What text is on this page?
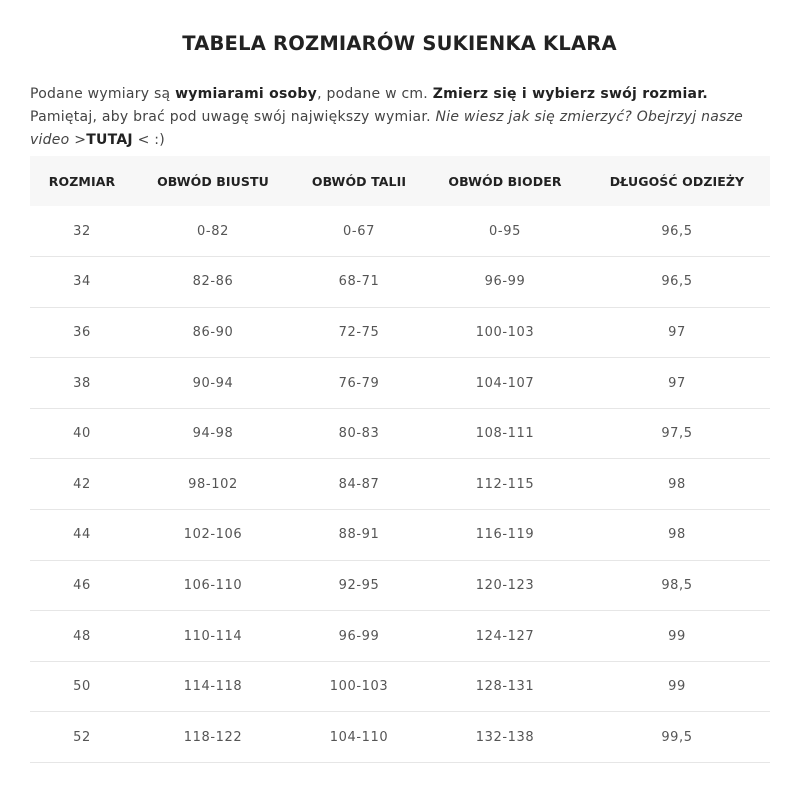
TABELA ROZMIARÓW SUKIENKA KLARA

Podane wymiary są wymiarami osoby, podane w cm. Zmierz się i wybierz swój rozmiar. Pamiętaj, aby brać pod uwagę swój największy wymiar. Nie wiesz jak się zmierzyć? Obejrzyj nasze video >TUTAJ < :)

ROZMIAR	OBWÓD BIUSTU	OBWÓD TALII	OBWÓD BIODER	DŁUGOŚĆ ODZIEŻY
32	0-82	0-67	0-95	96,5
34	82-86	68-71	96-99	96,5
36	86-90	72-75	100-103	97
38	90-94	76-79	104-107	97
40	94-98	80-83	108-111	97,5
42	98-102	84-87	112-115	98
44	102-106	88-91	116-119	98
46	106-110	92-95	120-123	98,5
48	110-114	96-99	124-127	99
50	114-118	100-103	128-131	99
52	118-122	104-110	132-138	99,5
